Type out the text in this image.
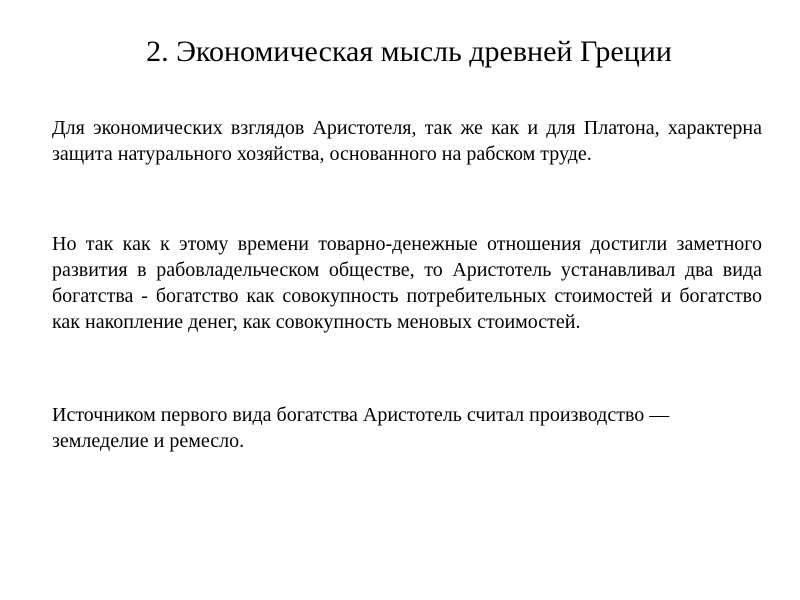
2. Экономическая мысль древней Греции

Для экономических взглядов Аристотеля, так же как и для Платона, характерна защита натурального хозяйства, основанного на рабском труде.

Но так как к этому времени товарно-денежные отношения достигли заметного развития в рабовладельческом обществе, то Аристотель устанавливал два вида богатства - богатство как совокупность потребительных стоимостей и богатство как накопление денег, как совокупность меновых стоимостей.

Источником первого вида богатства Аристотель считал производство — земледелие и ремесло.
